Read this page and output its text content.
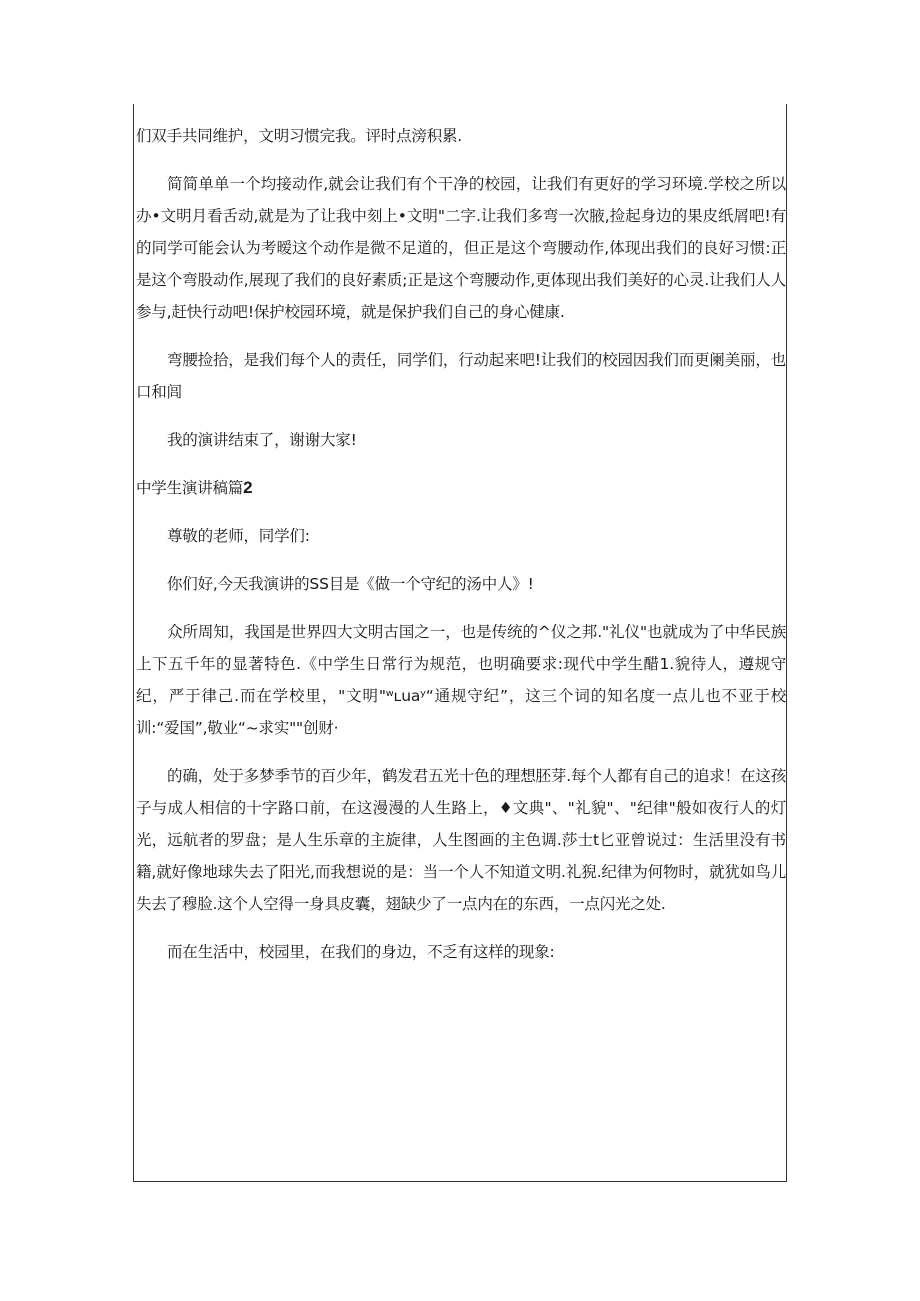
们双手共同维护，文明习惯完我。评时点滂积累.

简简单单一个均接动作,就会让我们有个干净的校园，让我们有更好的学习环境.学校之所以办•文明月看舌动,就是为了让我中刻上•文明"二字.让我们多弯一次腋,捡起身边的果皮纸屑吧!有的同学可能会认为考暧这个动作是微不足道的，但正是这个弯腰动作,体现出我们的良好习惯:正是这个弯股动作,展现了我们的良好素质;正是这个弯腰动作,更体现出我们美好的心灵.让我们人人参与,赶快行动吧!保护校园环境，就是保护我们自己的身心健康.

弯腰捡拾，是我们每个人的责任，同学们，行动起来吧!让我们的校园因我们而更阑美丽，也口和闾

我的演讲结束了，谢谢大家!

中学生演讲稿篇2

尊敬的老师，同学们:

你们好,今天我演讲的SS目是《做一个守纪的汤中人》!

众所周知，我国是世界四大文明古国之一，也是传统的^仪之邦."礼仪"也就成为了中华民族上下五千年的显著特色.《中学生日常行为规范，也明确要求:现代中学生醋1.貌待人，遵规守纪，严于律己.而在学校里，"文明"ʷʟuaʸ“通规守纪”，这三个词的知名度一点儿也不亚于校训:“爱国”,敬业“~求实""创财·

的确，处于多梦季节的百少年，鹤发君五光十色的理想胚芽.每个人都有自己的追求！在这孩子与成人相信的十字路口前，在这漫漫的人生路上，♦文典"、"礼貌"、"纪律"般如夜行人的灯光，远航者的罗盘；是人生乐章的主旋律，人生图画的主色调.莎士t匕亚曾说过：生活里没有书籍,就好像地球失去了阳光,而我想说的是：当一个人不知道文明.礼猊.纪律为何物时，就犹如鸟儿失去了穆脸.这个人空得一身具皮囊，翅缺少了一点内在的东西，一点闪光之处.

而在生活中，校园里，在我们的身边，不乏有这样的现象:
